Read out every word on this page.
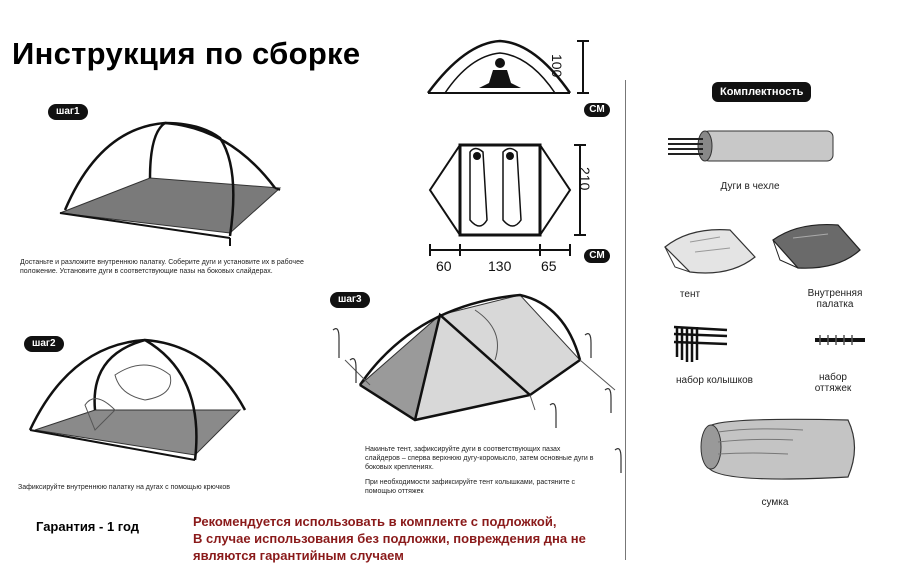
Инструкция по сборке
шаг1
Достаньте и разложите внутреннюю палатку. Соберите дуги и установите их в рабочее
положение. Установите дуги в соответствующие пазы на боковых слайдерах.
шаг2
Зафиксируйте внутреннюю палатку на дугах с помощью крючков
шаг3
Накиньте тент, зафиксируйте дуги в соответствующих пазах
слайдеров – сперва верхнюю дугу-коромысло, затем основные дуги в
боковых креплениях.
При необходимости зафиксируйте тент колышками, растяните с
помощью оттяжек
100
СМ
210
60	130 65
СМ
Комплектность
Дуги в чехле
тент	Внутренняя
палатка
набор колышков	набор
оттяжек
сумка
Гарантия - 1 год	Рекомендуется использовать в комплекте с подложкой,
В случае использования без подложки, повреждения дна не
являются гарантийным случаем
